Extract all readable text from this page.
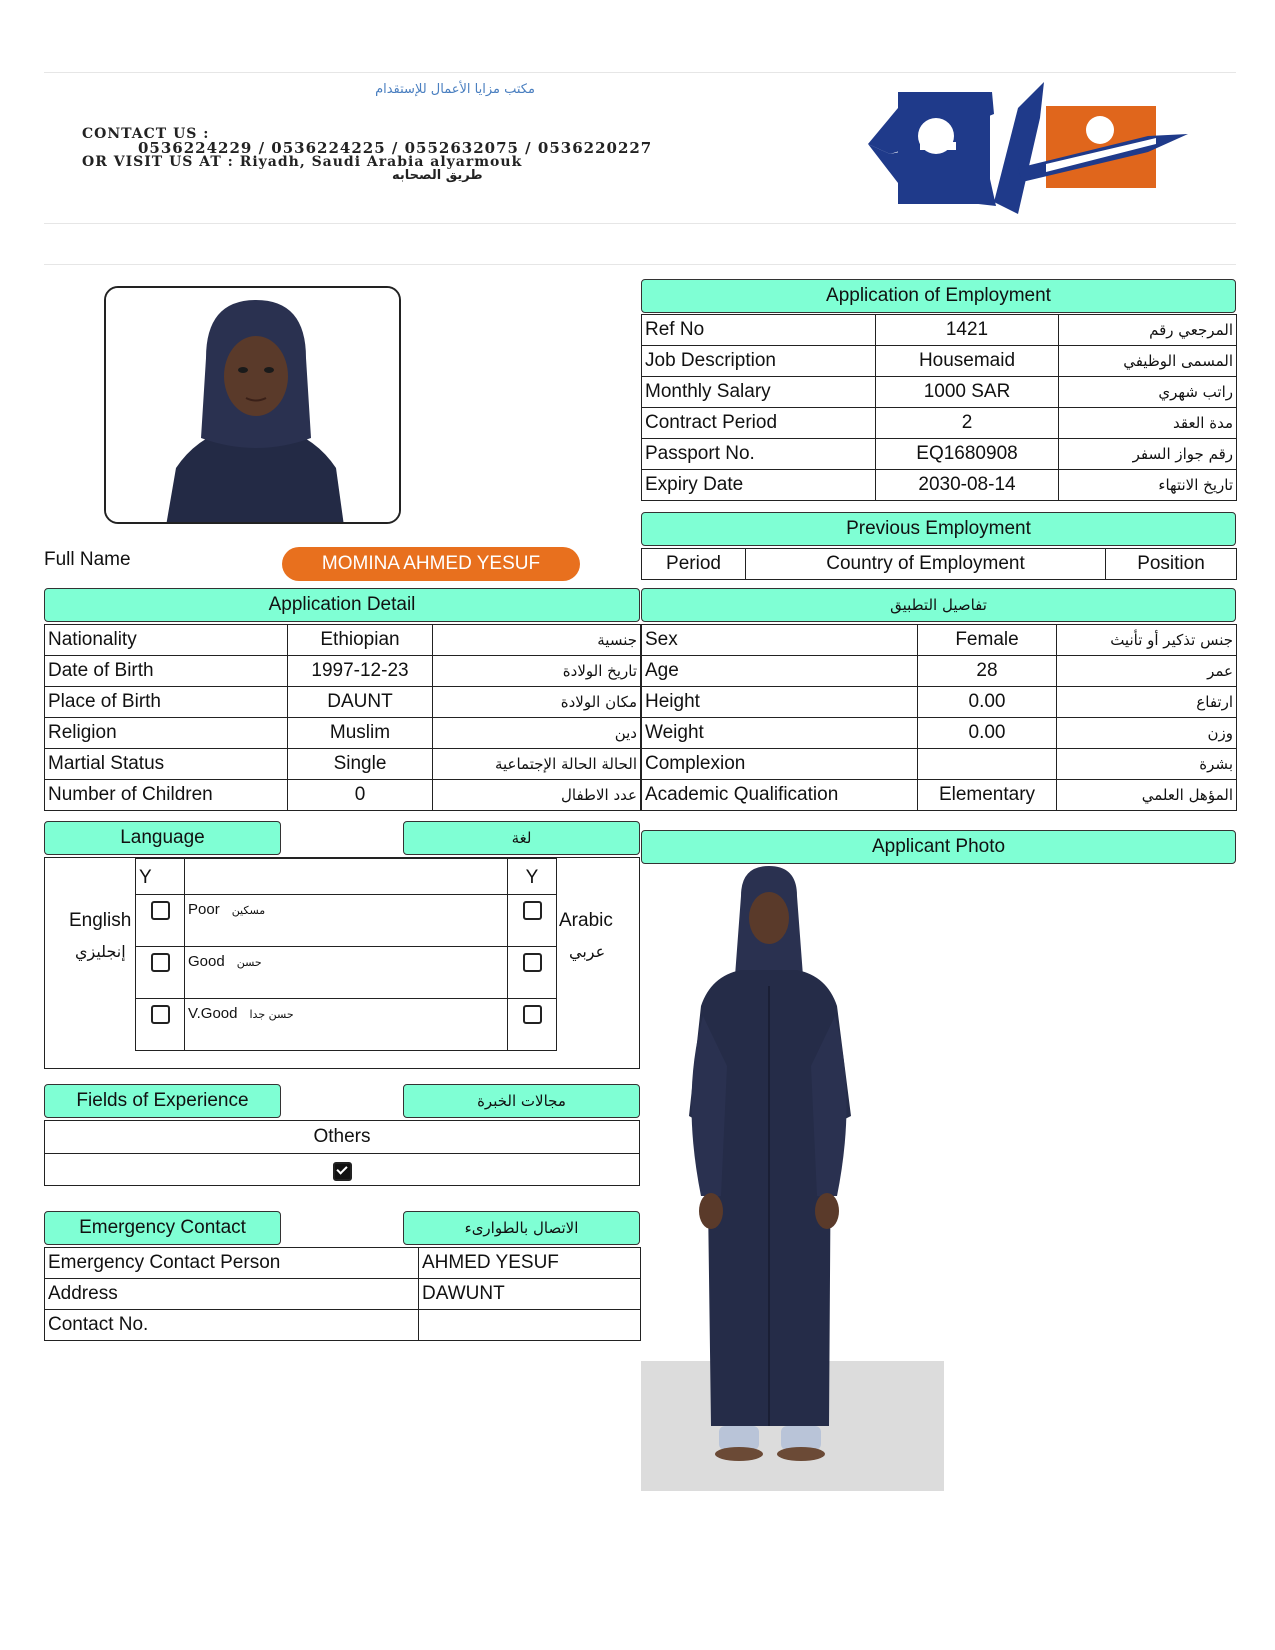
مكتب مزايا الأعمال للإستقدام
CONTACT US :
0536224229 / 0536224225 / 0552632075 / 0536220227
OR VISIT US AT : Riyadh, Saudi Arabia alyarmouk
طريق الصحابه
Full Name	MOMINA AHMED YESUF
Application of Employment
Ref No	1421	المرجعي رقم
Job Description	Housemaid	المسمى الوظيفي
Monthly Salary	1000 SAR	راتب شهري
Contract Period	2	مدة العقد
Passport No.	EQ1680908	رقم جواز السفر
Expiry Date	2030-08-14	تاريخ الانتهاء
Previous Employment
Period	Country of Employment	Position
Application Detail
Nationality	Ethiopian	جنسية
Date of Birth	1997-12-23	تاريخ الولادة
Place of Birth	DAUNT	مكان الولادة
Religion	Muslim	دين
Martial Status	Single	الحالة الحالة الإجتماعية
Number of Children	0	عدد الاطفال
تفاصيل التطبيق
Sex	Female	جنس تذكير أو تأنيث
Age	28	عمر
Height	0.00	ارتفاع
Weight	0.00	وزن
Complexion		بشرة
Academic Qualification	Elementary	المؤهل العلمي
Language	لغة
English
إنجليزي
Arabic
عربي
Y		Y
	Poor مسكين	
	Good حسن	
	V.Good حسن جدا	
Fields of Experience	مجالات الخبرة
Others
Emergency Contact	الاتصال بالطوارىء
Emergency Contact Person	AHMED YESUF
Address	DAWUNT
Contact No.	
Applicant Photo
